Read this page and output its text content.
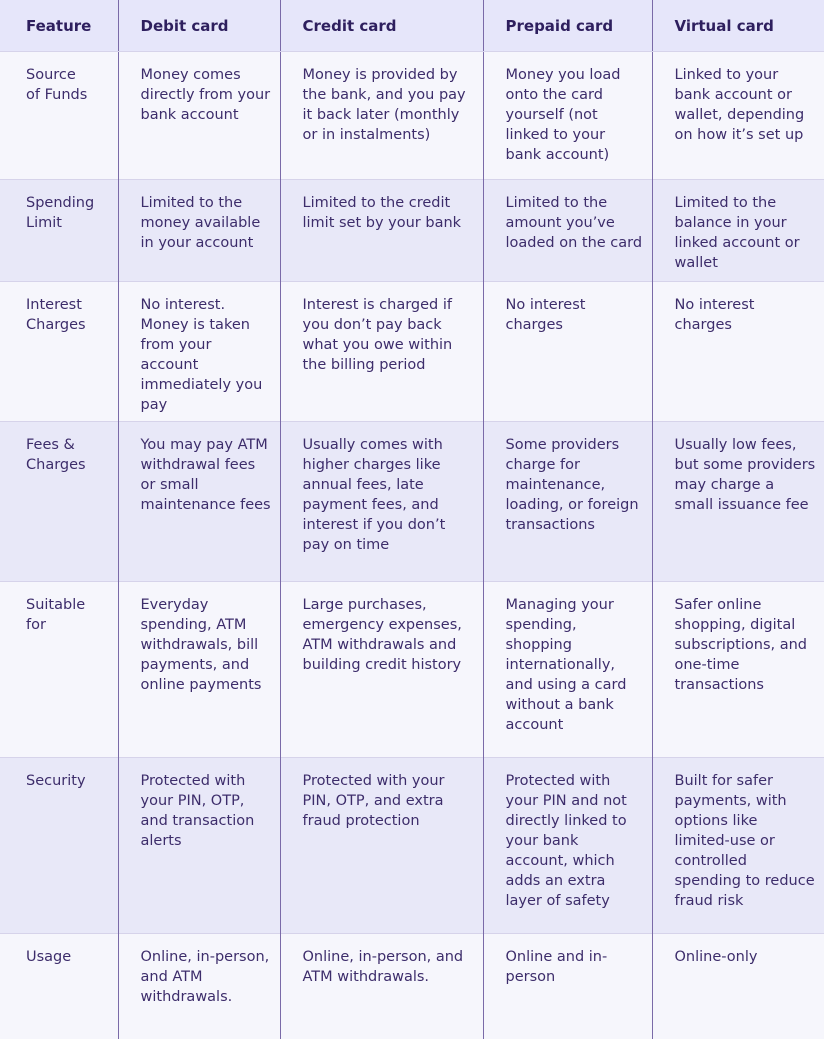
Feature	Debit card	Credit card	Prepaid card	Virtual card
Source of Funds	Money comes directly from your bank account	Money is provided by the bank, and you pay it back later (monthly or in instalments)	Money you load onto the card yourself (not linked to your bank account)	Linked to your bank account or wallet, depending on how it’s set up
Spending Limit	Limited to the money available in your account	Limited to the credit limit set by your bank	Limited to the amount you’ve loaded on the card	Limited to the balance in your linked account or wallet
Interest Charges	No interest. Money is taken from your account immediately you pay	Interest is charged if you don’t pay back what you owe within the billing period	No interest charges	No interest charges
Fees & Charges	You may pay ATM withdrawal fees or small maintenance fees	Usually comes with higher charges like annual fees, late payment fees, and interest if you don’t pay on time	Some providers charge for maintenance, loading, or foreign transactions	Usually low fees, but some providers may charge a small issuance fee
Suitable for	Everyday spending, ATM withdrawals, bill payments, and online payments	Large purchases, emergency expenses, ATM withdrawals and building credit history	Managing your spending, shopping internationally, and using a card without a bank account	Safer online shopping, digital subscriptions, and one-time transactions
Security	Protected with your PIN, OTP, and transaction alerts	Protected with your PIN, OTP, and extra fraud protection	Protected with your PIN and not directly linked to your bank account, which adds an extra layer of safety	Built for safer payments, with options like limited-use or controlled spending to reduce fraud risk
Usage	Online, in-person, and ATM withdrawals.	Online, in-person, and ATM withdrawals.	Online and in-person	Online-only
